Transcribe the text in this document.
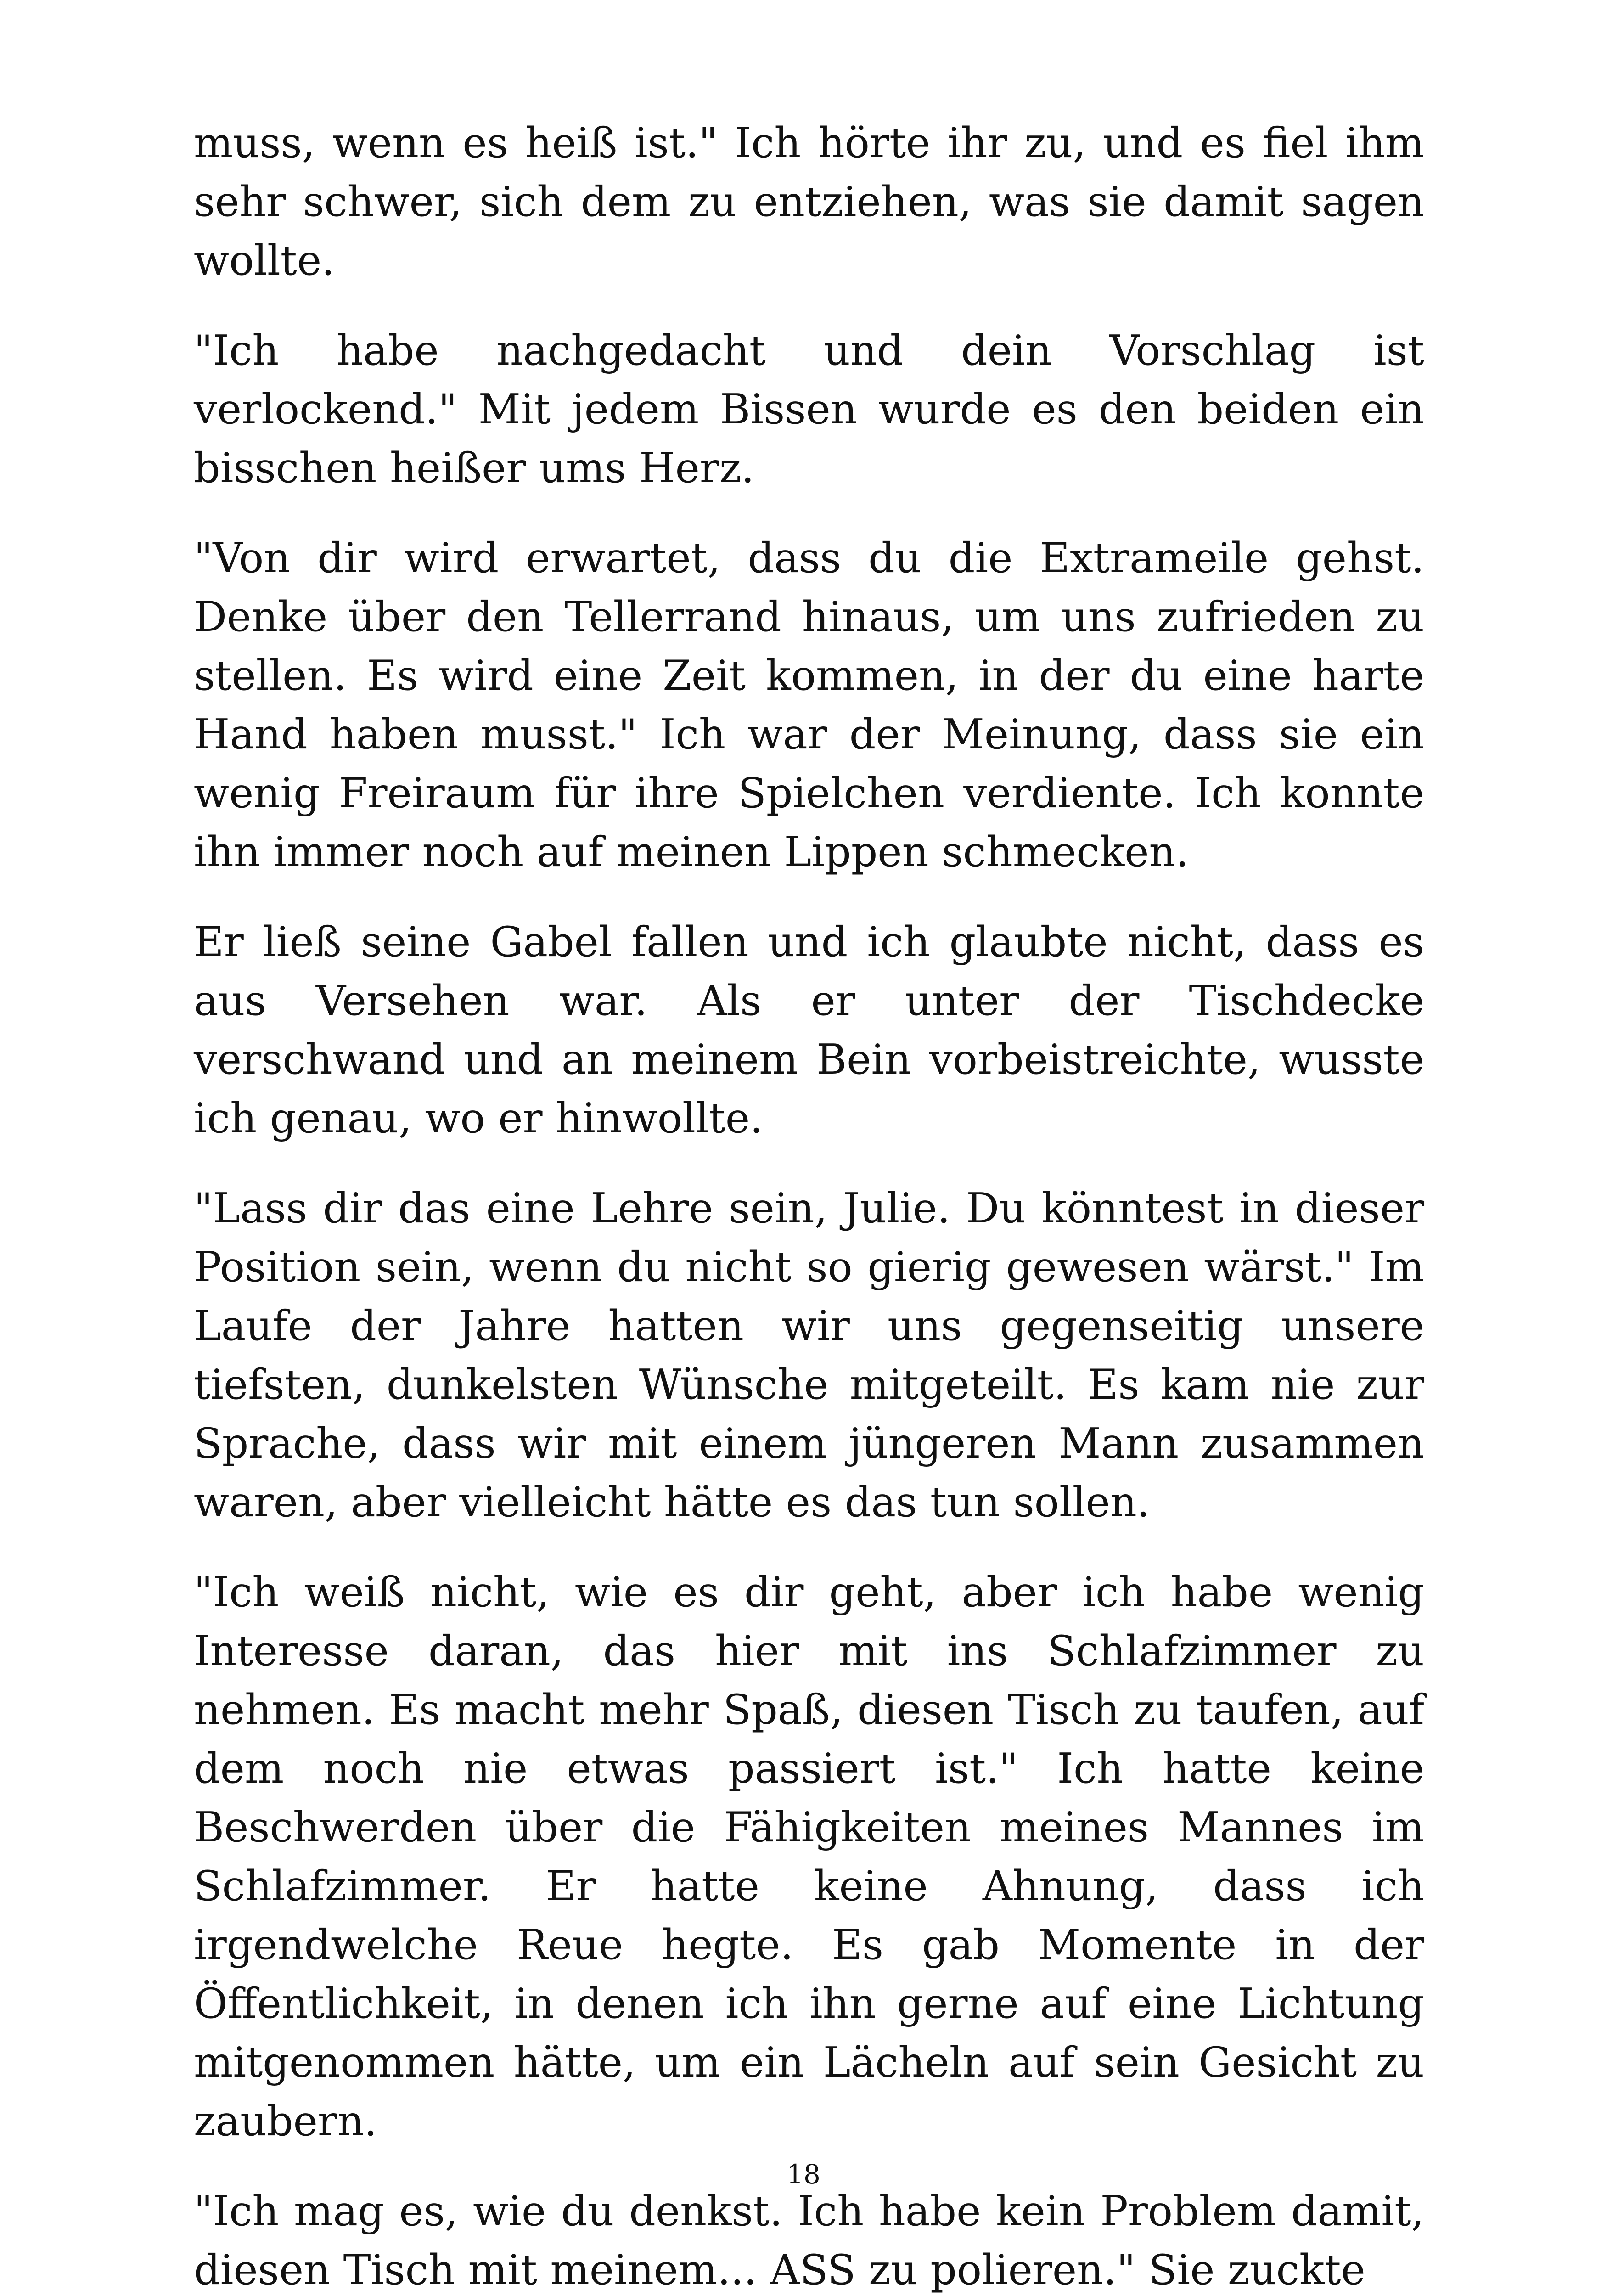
muss, wenn es heiß ist." Ich hörte ihr zu, und es fiel ihm sehr schwer, sich dem zu entziehen, was sie damit sagen wollte.

"Ich habe nachgedacht und dein Vorschlag ist verlockend." Mit jedem Bissen wurde es den beiden ein bisschen heißer ums Herz.

"Von dir wird erwartet, dass du die Extrameile gehst. Denke über den Tellerrand hinaus, um uns zufrieden zu stellen. Es wird eine Zeit kommen, in der du eine harte Hand haben musst." Ich war der Meinung, dass sie ein wenig Freiraum für ihre Spielchen verdiente. Ich konnte ihn immer noch auf meinen Lippen schmecken.

Er ließ seine Gabel fallen und ich glaubte nicht, dass es aus Versehen war. Als er unter der Tischdecke verschwand und an meinem Bein vorbeistreichte, wusste ich genau, wo er hinwollte.

"Lass dir das eine Lehre sein, Julie. Du könntest in dieser Position sein, wenn du nicht so gierig gewesen wärst." Im Laufe der Jahre hatten wir uns gegenseitig unsere tiefsten, dunkelsten Wünsche mitgeteilt. Es kam nie zur Sprache, dass wir mit einem jüngeren Mann zusammen waren, aber vielleicht hätte es das tun sollen.

"Ich weiß nicht, wie es dir geht, aber ich habe wenig Interesse daran, das hier mit ins Schlafzimmer zu nehmen. Es macht mehr Spaß, diesen Tisch zu taufen, auf dem noch nie etwas passiert ist." Ich hatte keine Beschwerden über die Fähigkeiten meines Mannes im Schlafzimmer. Er hatte keine Ahnung, dass ich irgendwelche Reue hegte. Es gab Momente in der Öffentlichkeit, in denen ich ihn gerne auf eine Lichtung mitgenommen hätte, um ein Lächeln auf sein Gesicht zu zaubern.

"Ich mag es, wie du denkst. Ich habe kein Problem damit, diesen Tisch mit meinem... ASS zu polieren." Sie zuckte

18
